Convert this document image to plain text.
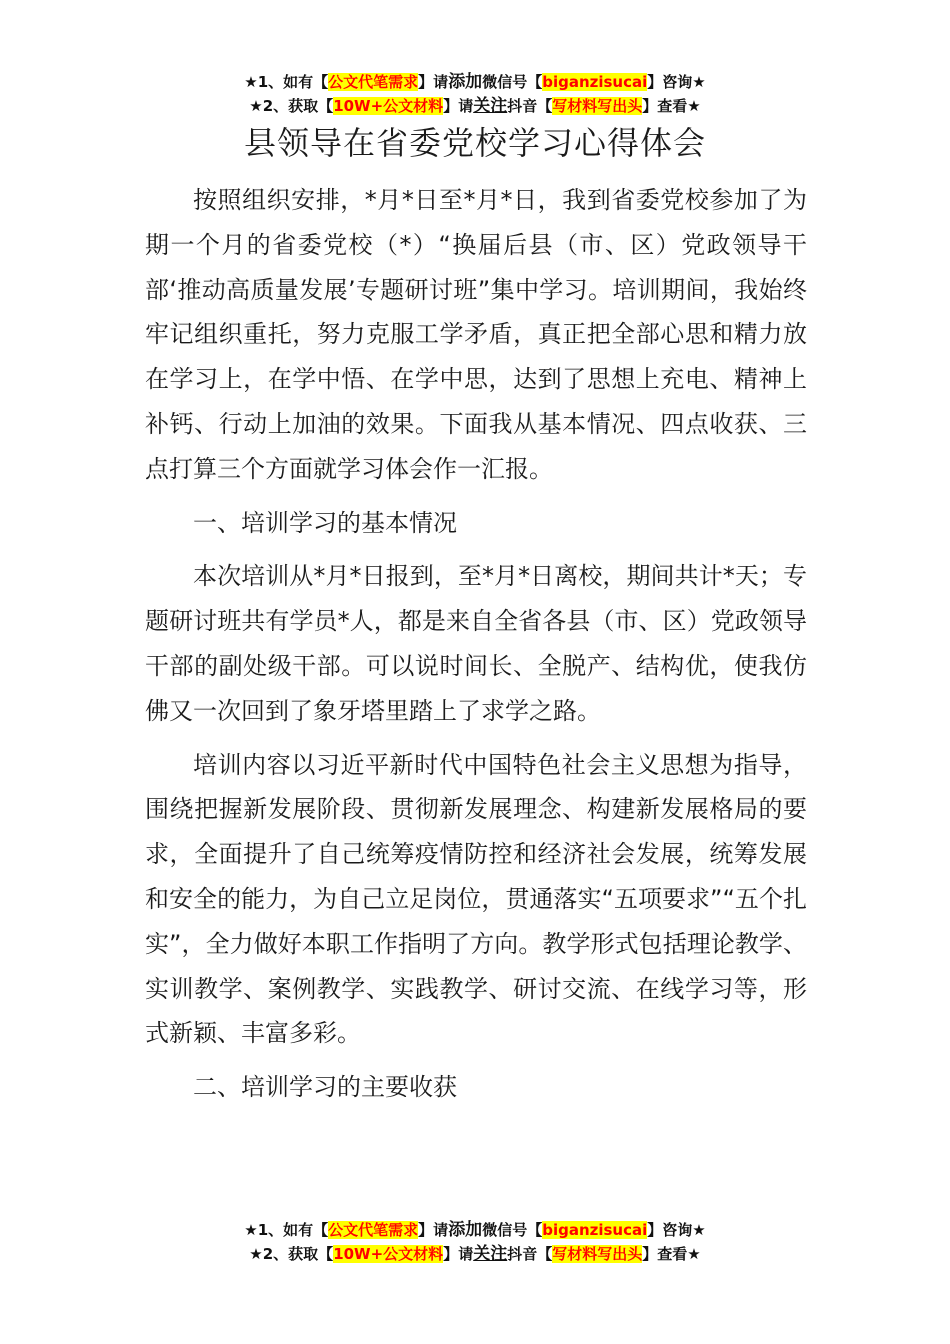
★1、如有【公文代笔需求】请添加微信号【biganzisucai】咨询★
★2、获取【10W+公文材料】请关注抖音【写材料写出头】查看★
县领导在省委党校学习心得体会

按照组织安排，*月*日至*月*日，我到省委党校参加了为期一个月的省委党校（*）“换届后县（市、区）党政领导干部‘推动高质量发展’专题研讨班”集中学习。培训期间，我始终牢记组织重托，努力克服工学矛盾，真正把全部心思和精力放在学习上，在学中悟、在学中思，达到了思想上充电、精神上补钙、行动上加油的效果。下面我从基本情况、四点收获、三点打算三个方面就学习体会作一汇报。

一、培训学习的基本情况

本次培训从*月*日报到，至*月*日离校，期间共计*天；专题研讨班共有学员*人，都是来自全省各县（市、区）党政领导干部的副处级干部。可以说时间长、全脱产、结构优，使我仿佛又一次回到了象牙塔里踏上了求学之路。

培训内容以习近平新时代中国特色社会主义思想为指导，围绕把握新发展阶段、贯彻新发展理念、构建新发展格局的要求，全面提升了自己统筹疫情防控和经济社会发展，统筹发展和安全的能力，为自己立足岗位，贯通落实“五项要求”“五个扎实”，全力做好本职工作指明了方向。教学形式包括理论教学、实训教学、案例教学、实践教学、研讨交流、在线学习等，形式新颖、丰富多彩。

二、培训学习的主要收获

★1、如有【公文代笔需求】请添加微信号【biganzisucai】咨询★
★2、获取【10W+公文材料】请关注抖音【写材料写出头】查看★
